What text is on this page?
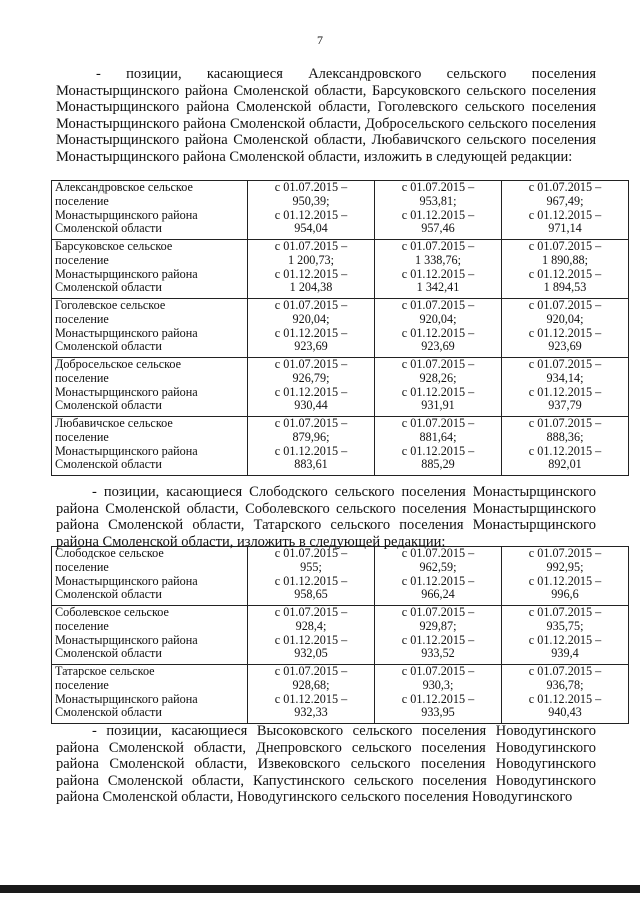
7

- позиции, касающиеся Александровского сельского поселения Монастырщинского района Смоленской области, Барсуковского сельского поселения Монастырщинского района Смоленской области, Гоголевского сельского поселения Монастырщинского района Смоленской области, Добросельского сельского поселения Монастырщинского района Смоленской области, Любавичского сельского поселения Монастырщинского района Смоленской области, изложить в следующей редакции:

Александровское сельское
поселение
Монастырщинского района
Смоленской области	с 01.07.2015 –
950,39;
с 01.12.2015 –
954,04	с 01.07.2015 –
953,81;
с 01.12.2015 –
957,46	с 01.07.2015 –
967,49;
с 01.12.2015 –
971,14

Барсуковское сельское
поселение
Монастырщинского района
Смоленской области	с 01.07.2015 –
1 200,73;
с 01.12.2015 –
1 204,38	с 01.07.2015 –
1 338,76;
с 01.12.2015 –
1 342,41	с 01.07.2015 –
1 890,88;
с 01.12.2015 –
1 894,53

Гоголевское сельское
поселение
Монастырщинского района
Смоленской области	с 01.07.2015 –
920,04;
с 01.12.2015 –
923,69	с 01.07.2015 –
920,04;
с 01.12.2015 –
923,69	с 01.07.2015 –
920,04;
с 01.12.2015 –
923,69

Добросельское сельское
поселение
Монастырщинского района
Смоленской области	с 01.07.2015 –
926,79;
с 01.12.2015 –
930,44	с 01.07.2015 –
928,26;
с 01.12.2015 –
931,91	с 01.07.2015 –
934,14;
с 01.12.2015 –
937,79

Любавичское сельское
поселение
Монастырщинского района
Смоленской области	с 01.07.2015 –
879,96;
с 01.12.2015 –
883,61	с 01.07.2015 –
881,64;
с 01.12.2015 –
885,29	с 01.07.2015 –
888,36;
с 01.12.2015 –
892,01

- позиции, касающиеся Слободского сельского поселения Монастырщинского района Смоленской области, Соболевского сельского поселения Монастырщинского района Смоленской области, Татарского сельского поселения Монастырщинского района Смоленской области, изложить в следующей редакции:

Слободское сельское
поселение
Монастырщинского района
Смоленской области	с 01.07.2015 –
955;
с 01.12.2015 –
958,65	с 01.07.2015 –
962,59;
с 01.12.2015 –
966,24	с 01.07.2015 –
992,95;
с 01.12.2015 –
996,6

Соболевское сельское
поселение
Монастырщинского района
Смоленской области	с 01.07.2015 –
928,4;
с 01.12.2015 –
932,05	с 01.07.2015 –
929,87;
с 01.12.2015 –
933,52	с 01.07.2015 –
935,75;
с 01.12.2015 –
939,4

Татарское сельское
поселение
Монастырщинского района
Смоленской области	с 01.07.2015 –
928,68;
с 01.12.2015 –
932,33	с 01.07.2015 –
930,3;
с 01.12.2015 –
933,95	с 01.07.2015 –
936,78;
с 01.12.2015 –
940,43

- позиции, касающиеся Высоковского сельского поселения Новодугинского района Смоленской области, Днепровского сельского поселения Новодугинского района Смоленской области, Извековского сельского поселения Новодугинского района Смоленской области, Капустинского сельского поселения Новодугинского района Смоленской области, Новодугинского сельского поселения Новодугинского
